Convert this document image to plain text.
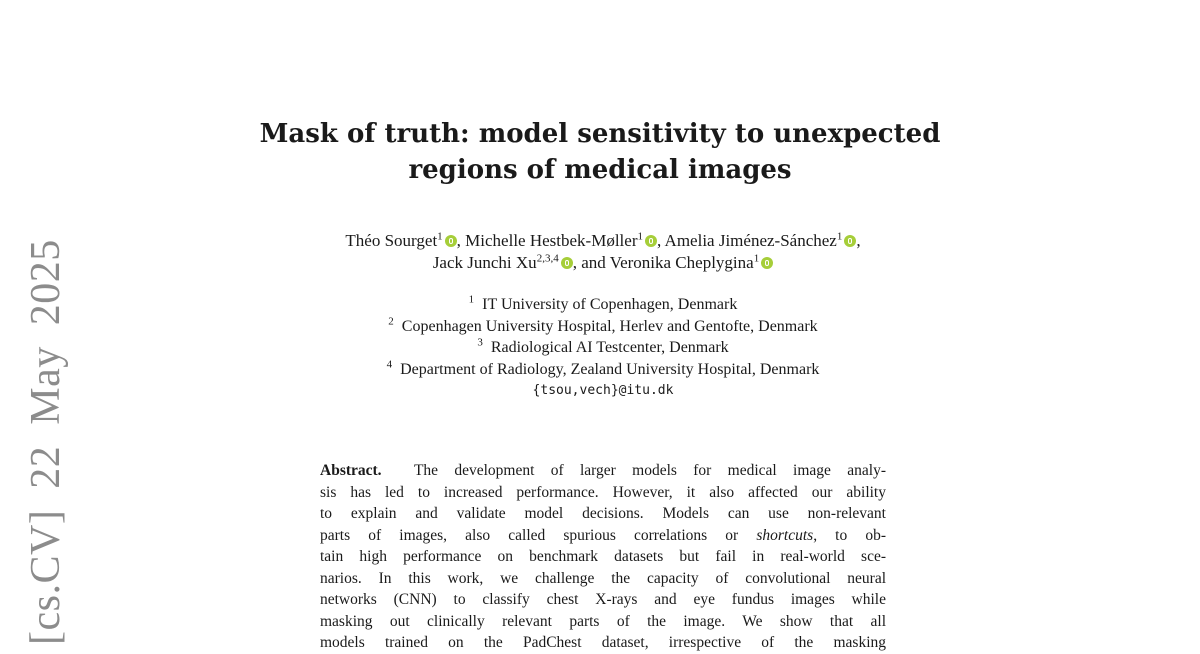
[cs.CV] 22 May 2025
Mask of truth: model sensitivity to unexpected
regions of medical images
Théo Sourget$^1$ , Michelle Hestbek-Møller$^1$ , Amelia Jiménez-Sánchez$^1$ ,
Jack Junchi Xu$^{2,3,4}$ , and Veronika Cheplygina$^1$
$^1$ IT University of Copenhagen, Denmark
$^2$ Copenhagen University Hospital, Herlev and Gentofte, Denmark
$^3$ Radiological AI Testcenter, Denmark
$^4$ Department of Radiology, Zealand University Hospital, Denmark
{tsou,vech}@itu.dk
Abstract. The development of larger models for medical image analy-
sis has led to increased performance. However, it also affected our ability
to explain and validate model decisions. Models can use non-relevant
parts of images, also called spurious correlations or shortcuts, to ob-
tain high performance on benchmark datasets but fail in real-world sce-
narios. In this work, we challenge the capacity of convolutional neural
networks (CNN) to classify chest X-rays and eye fundus images while
masking out clinically relevant parts of the image. We show that all
models trained on the PadChest dataset, irrespective of the masking
